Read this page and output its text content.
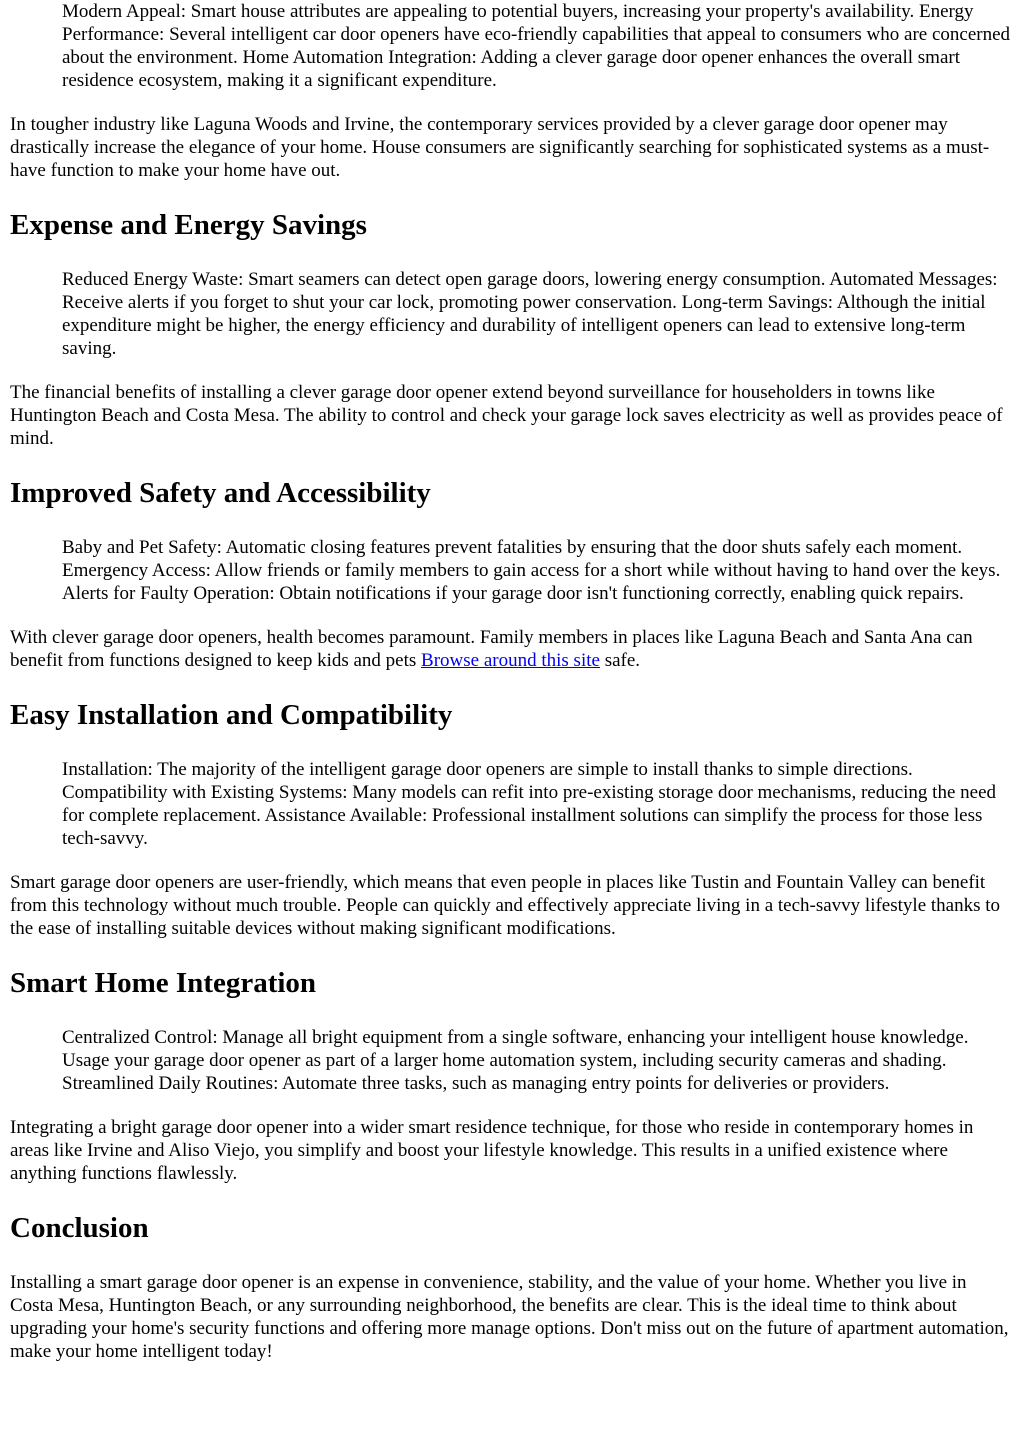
Modern Appeal: Smart house attributes are appealing to potential buyers, increasing your property's availability. Energy Performance: Several intelligent car door openers have eco-friendly capabilities that appeal to consumers who are concerned about the environment. Home Automation Integration: Adding a clever garage door opener enhances the overall smart residence ecosystem, making it a significant expenditure.

In tougher industry like Laguna Woods and Irvine, the contemporary services provided by a clever garage door opener may drastically increase the elegance of your home. House consumers are significantly searching for sophisticated systems as a must-have function to make your home have out.

Expense and Energy Savings

Reduced Energy Waste: Smart seamers can detect open garage doors, lowering energy consumption. Automated Messages: Receive alerts if you forget to shut your car lock, promoting power conservation. Long-term Savings: Although the initial expenditure might be higher, the energy efficiency and durability of intelligent openers can lead to extensive long-term saving.

The financial benefits of installing a clever garage door opener extend beyond surveillance for householders in towns like Huntington Beach and Costa Mesa. The ability to control and check your garage lock saves electricity as well as provides peace of mind.

Improved Safety and Accessibility

Baby and Pet Safety: Automatic closing features prevent fatalities by ensuring that the door shuts safely each moment. Emergency Access: Allow friends or family members to gain access for a short while without having to hand over the keys. Alerts for Faulty Operation: Obtain notifications if your garage door isn't functioning correctly, enabling quick repairs.

With clever garage door openers, health becomes paramount. Family members in places like Laguna Beach and Santa Ana can benefit from functions designed to keep kids and pets Browse around this site safe.

Easy Installation and Compatibility

Installation: The majority of the intelligent garage door openers are simple to install thanks to simple directions. Compatibility with Existing Systems: Many models can refit into pre-existing storage door mechanisms, reducing the need for complete replacement. Assistance Available: Professional installment solutions can simplify the process for those less tech-savvy.

Smart garage door openers are user-friendly, which means that even people in places like Tustin and Fountain Valley can benefit from this technology without much trouble. People can quickly and effectively appreciate living in a tech-savvy lifestyle thanks to the ease of installing suitable devices without making significant modifications.

Smart Home Integration

Centralized Control: Manage all bright equipment from a single software, enhancing your intelligent house knowledge. Usage your garage door opener as part of a larger home automation system, including security cameras and shading. Streamlined Daily Routines: Automate three tasks, such as managing entry points for deliveries or providers.

Integrating a bright garage door opener into a wider smart residence technique, for those who reside in contemporary homes in areas like Irvine and Aliso Viejo, you simplify and boost your lifestyle knowledge. This results in a unified existence where anything functions flawlessly.

Conclusion

Installing a smart garage door opener is an expense in convenience, stability, and the value of your home. Whether you live in Costa Mesa, Huntington Beach, or any surrounding neighborhood, the benefits are clear. This is the ideal time to think about upgrading your home's security functions and offering more manage options. Don't miss out on the future of apartment automation, make your home intelligent today!
